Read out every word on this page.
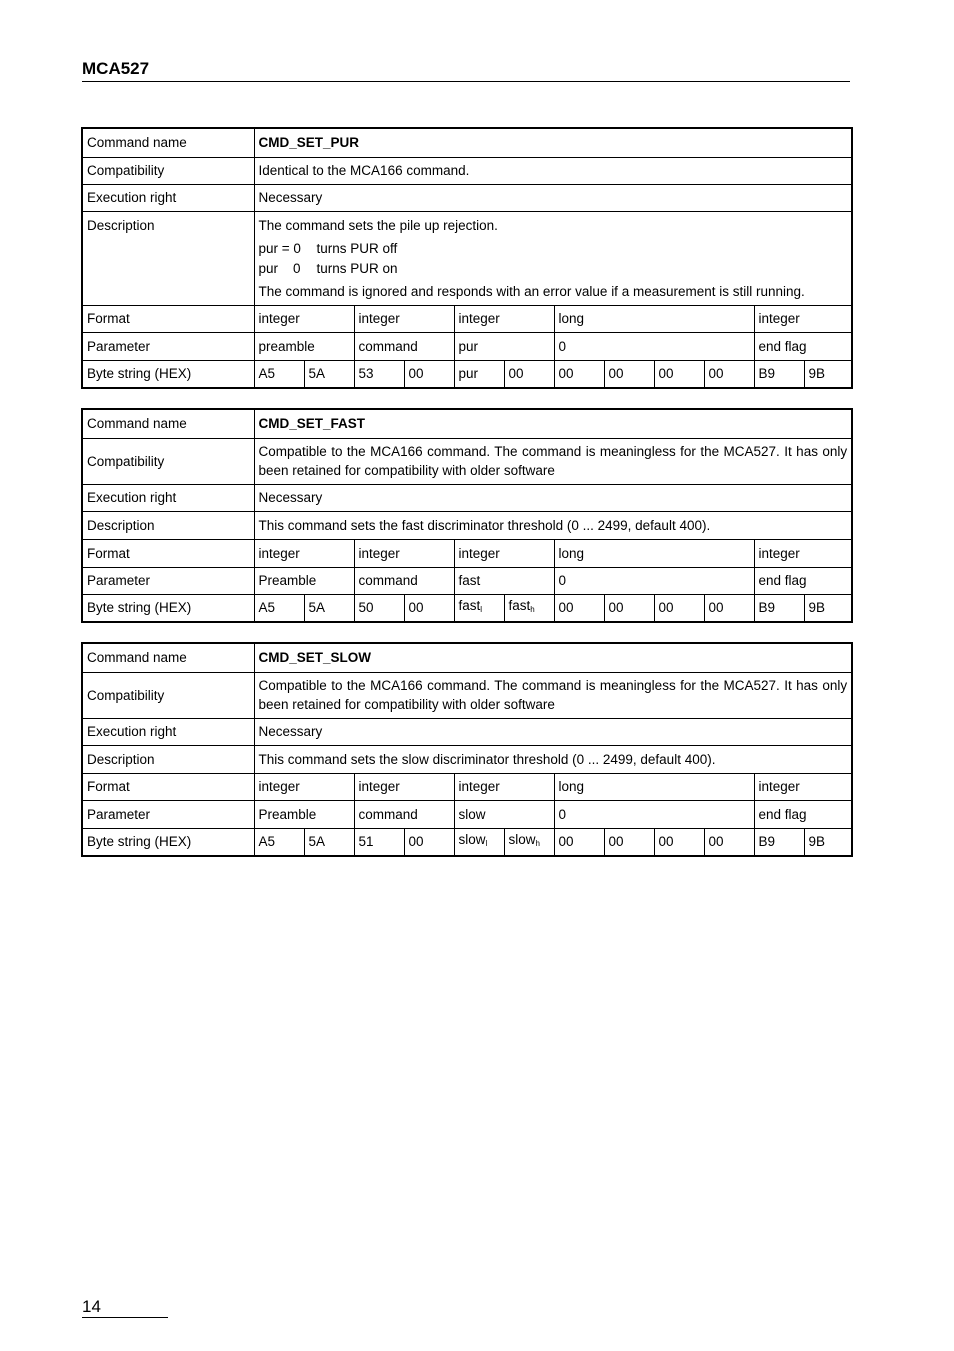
MCA527
Command name	CMD_SET_PUR											
Compatibility	Identical to the MCA166 command.											
Execution right	Necessary											
Description	The command sets the pile up rejection.
pur = 0 turns PUR off
pur    0 turns PUR on
The command is ignored and responds with an error value if a measurement is still running.											

Format	integer		integer		integer		long				integer	
Parameter	preamble		command		pur		0				end flag	
Byte string (HEX)	A5	5A	53	00	pur	00	00	00	00	00	B9	9B
Command name	CMD_SET_FAST											
Compatibility	Compatible to the MCA166 command. The command is meaningless for the MCA527. It has only been retained for compatibility with older software											
Execution right	Necessary											
Description	This command sets the fast discriminator threshold (0 ... 2499, default 400).											
Format	integer		integer		integer		long				integer	
Parameter	Preamble		command		fast		0				end flag	
Byte string (HEX)	A5	5A	50	00	fast$_l$	fast$_h$	00	00	00	00	B9	9B
Command name	CMD_SET_SLOW											
Compatibility	Compatible to the MCA166 command. The command is meaningless for the MCA527. It has only been retained for compatibility with older software											
Execution right	Necessary											
Description	This command sets the slow discriminator threshold (0 ... 2499, default 400).											
Format	integer		integer		integer		long				integer	
Parameter	Preamble		command		slow		0				end flag	
Byte string (HEX)	A5	5A	51	00	slow$_l$	slow$_h$	00	00	00	00	B9	9B
14
